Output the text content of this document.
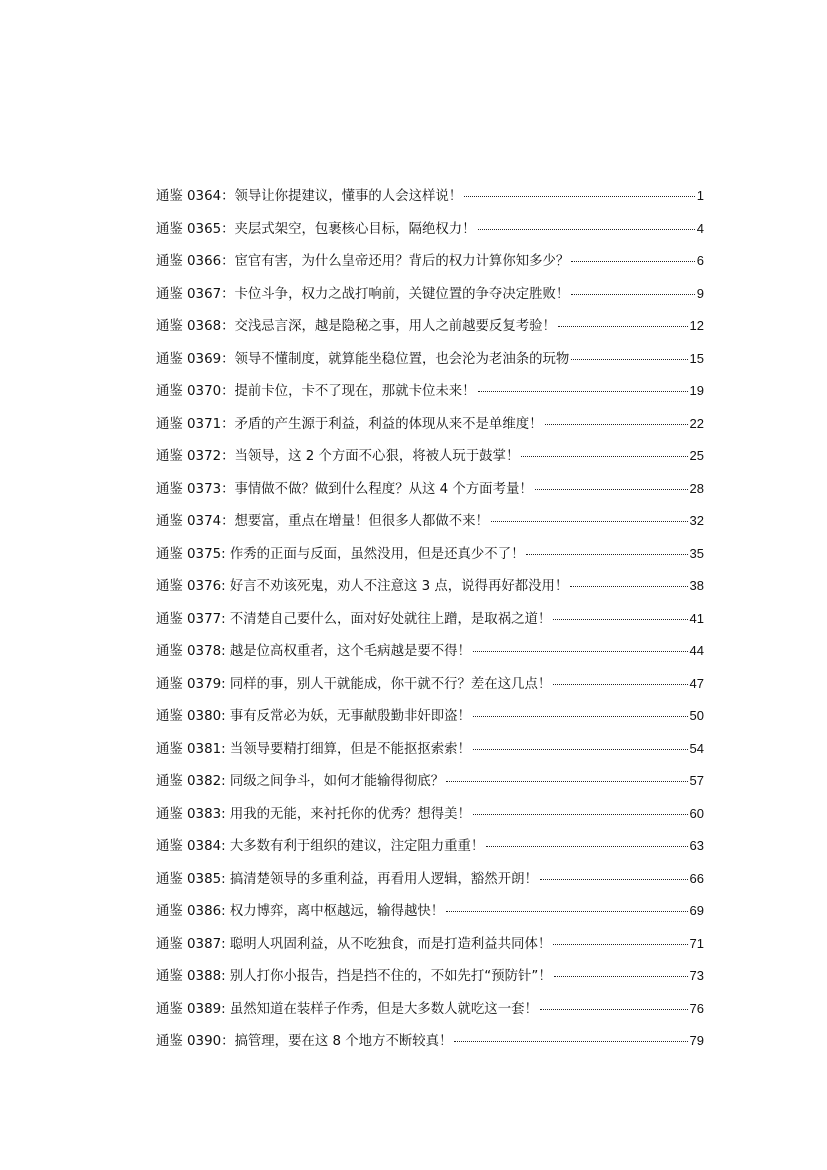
通鉴 0364：领导让你提建议，懂事的人会这样说！	1
通鉴 0365：夹层式架空，包裹核心目标，隔绝权力！	4
通鉴 0366：宦官有害，为什么皇帝还用？背后的权力计算你知多少？	6
通鉴 0367：卡位斗争，权力之战打响前，关键位置的争夺决定胜败！	9
通鉴 0368：交浅忌言深，越是隐秘之事，用人之前越要反复考验！	12
通鉴 0369：领导不懂制度，就算能坐稳位置，也会沦为老油条的玩物	15
通鉴 0370：提前卡位，卡不了现在，那就卡位未来！	19
通鉴 0371：矛盾的产生源于利益，利益的体现从来不是单维度！	22
通鉴 0372：当领导，这 2 个方面不心狠，将被人玩于鼓掌！	25
通鉴 0373：事情做不做？做到什么程度？从这 4 个方面考量！	28
通鉴 0374：想要富，重点在增量！但很多人都做不来！	32
通鉴 0375: 作秀的正面与反面，虽然没用，但是还真少不了！	35
通鉴 0376: 好言不劝该死鬼，劝人不注意这 3 点，说得再好都没用！	38
通鉴 0377: 不清楚自己要什么，面对好处就往上蹭，是取祸之道！	41
通鉴 0378: 越是位高权重者，这个毛病越是要不得！	44
通鉴 0379: 同样的事，别人干就能成，你干就不行？差在这几点！	47
通鉴 0380: 事有反常必为妖，无事献殷勤非奸即盗！	50
通鉴 0381: 当领导要精打细算，但是不能抠抠索索！	54
通鉴 0382: 同级之间争斗，如何才能输得彻底？	57
通鉴 0383: 用我的无能，来衬托你的优秀？想得美！	60
通鉴 0384: 大多数有利于组织的建议，注定阻力重重！	63
通鉴 0385: 搞清楚领导的多重利益，再看用人逻辑，豁然开朗！	66
通鉴 0386: 权力博弈，离中枢越远，输得越快！	69
通鉴 0387: 聪明人巩固利益，从不吃独食，而是打造利益共同体！	71
通鉴 0388: 别人打你小报告，挡是挡不住的，不如先打“预防针”！	73
通鉴 0389: 虽然知道在装样子作秀，但是大多数人就吃这一套！	76
通鉴 0390：搞管理，要在这 8 个地方不断较真！	79
